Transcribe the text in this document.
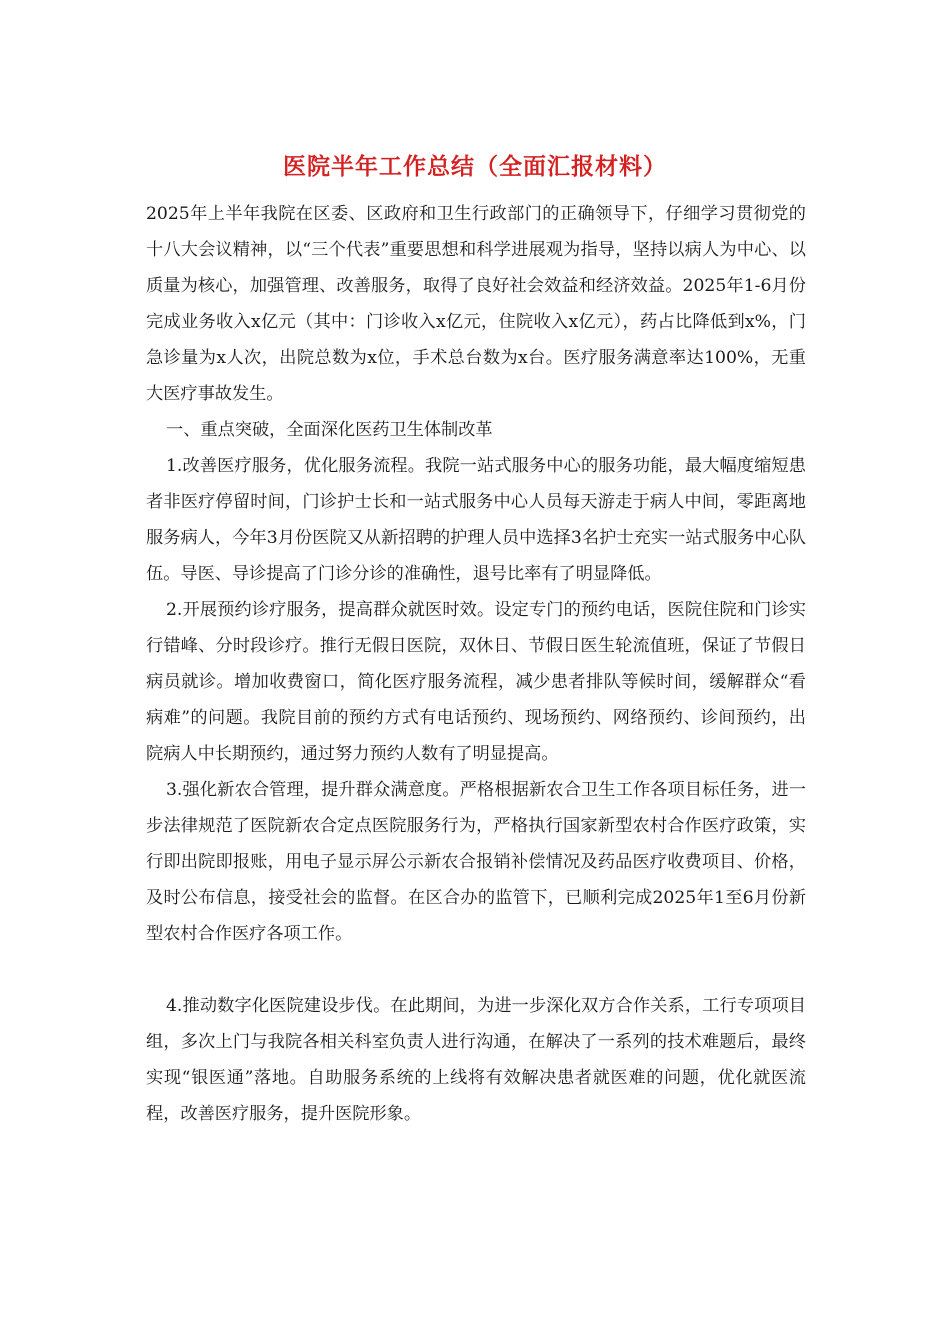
医院半年工作总结（全面汇报材料）

2025年上半年我院在区委、区政府和卫生行政部门的正确领导下，仔细学习贯彻党的十八大会议精神，以“三个代表”重要思想和科学进展观为指导，坚持以病人为中心、以质量为核心，加强管理、改善服务，取得了良好社会效益和经济效益。2025年1-6月份完成业务收入x亿元（其中：门诊收入x亿元，住院收入x亿元），药占比降低到x%，门急诊量为x人次，出院总数为x位，手术总台数为x台。医疗服务满意率达100%，无重大医疗事故发生。

一、重点突破，全面深化医药卫生体制改革

1.改善医疗服务，优化服务流程。我院一站式服务中心的服务功能，最大幅度缩短患者非医疗停留时间，门诊护士长和一站式服务中心人员每天游走于病人中间，零距离地服务病人，今年3月份医院又从新招聘的护理人员中选择3名护士充实一站式服务中心队伍。导医、导诊提高了门诊分诊的准确性，退号比率有了明显降低。

2.开展预约诊疗服务，提高群众就医时效。设定专门的预约电话，医院住院和门诊实行错峰、分时段诊疗。推行无假日医院，双休日、节假日医生轮流值班，保证了节假日病员就诊。增加收费窗口，简化医疗服务流程，减少患者排队等候时间，缓解群众“看病难”的问题。我院目前的预约方式有电话预约、现场预约、网络预约、诊间预约，出院病人中长期预约，通过努力预约人数有了明显提高。

3.强化新农合管理，提升群众满意度。严格根据新农合卫生工作各项目标任务，进一步法律规范了医院新农合定点医院服务行为，严格执行国家新型农村合作医疗政策，实行即出院即报账，用电子显示屏公示新农合报销补偿情况及药品医疗收费项目、价格，及时公布信息，接受社会的监督。在区合办的监管下，已顺利完成2025年1至6月份新型农村合作医疗各项工作。

4.推动数字化医院建设步伐。在此期间，为进一步深化双方合作关系，工行专项项目组，多次上门与我院各相关科室负责人进行沟通，在解决了一系列的技术难题后，最终实现“银医通”落地。自助服务系统的上线将有效解决患者就医难的问题，优化就医流程，改善医疗服务，提升医院形象。
